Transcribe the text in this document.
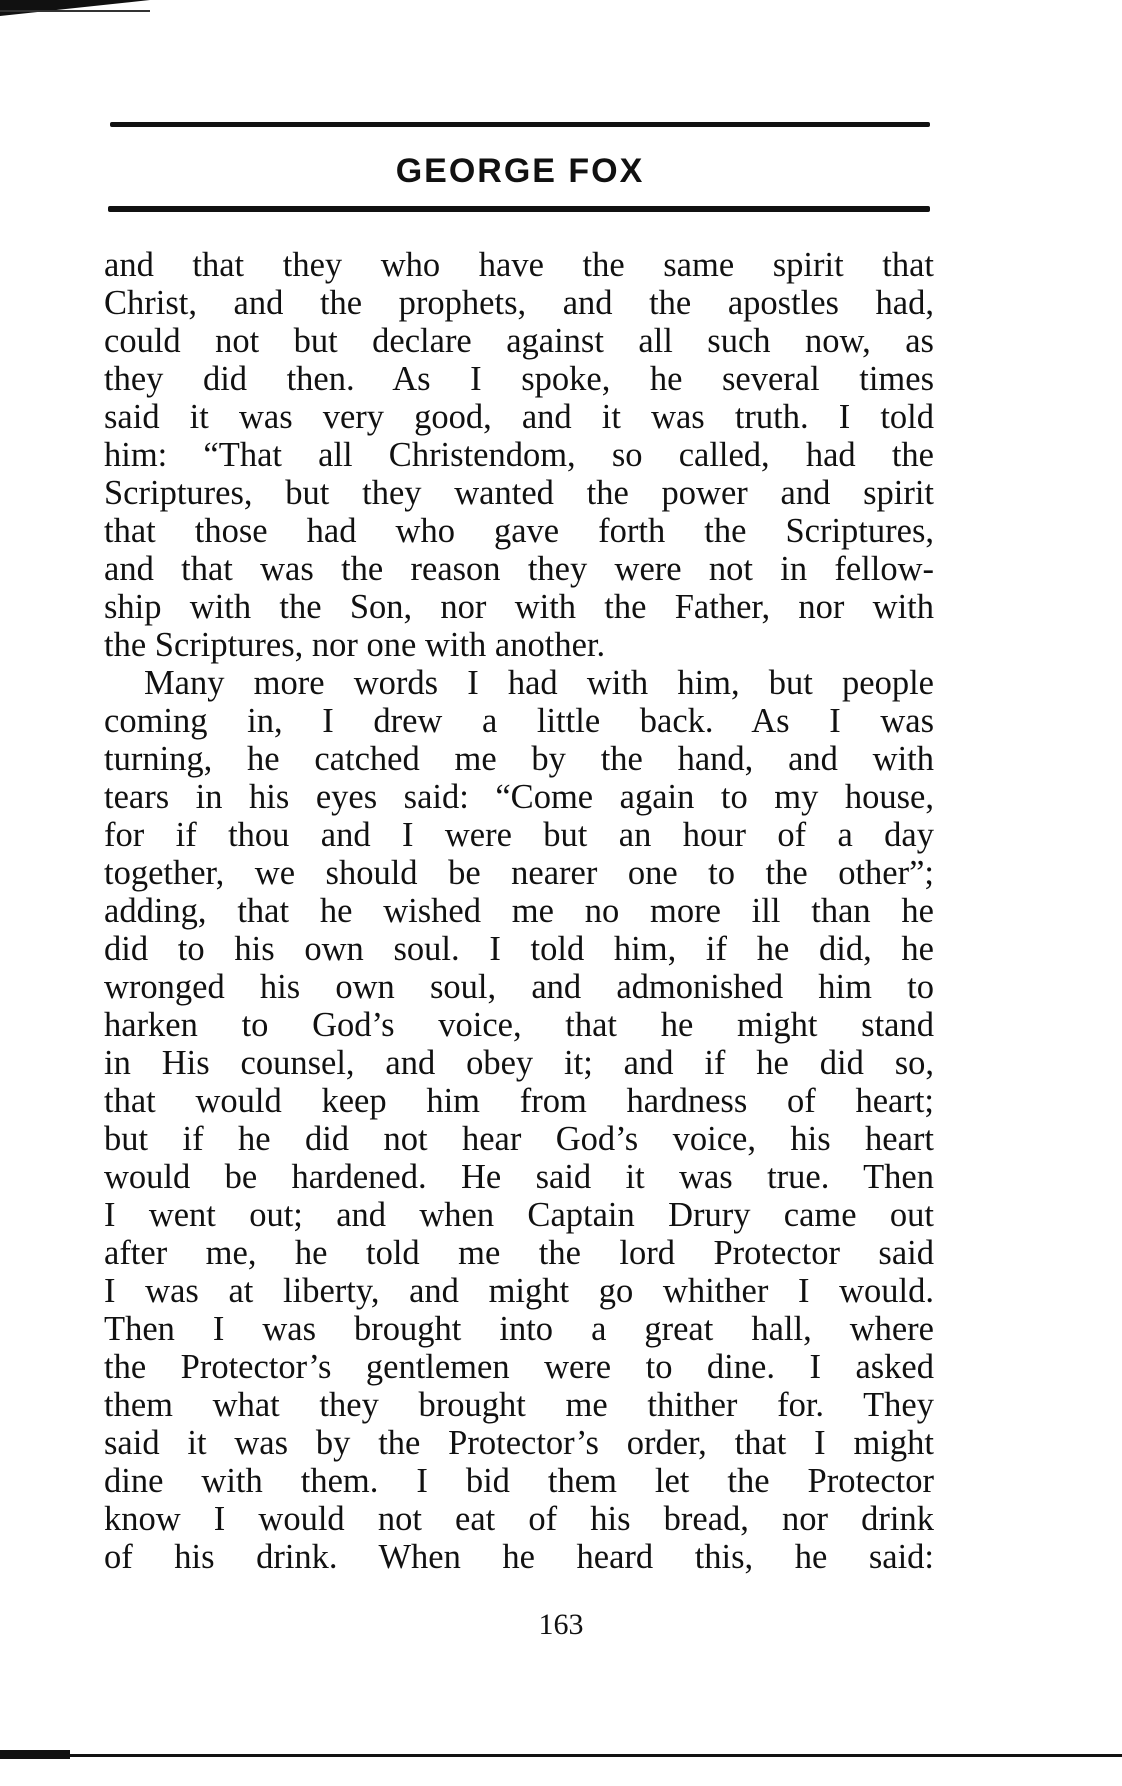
GEORGE FOX
and that they who have the same spirit that
Christ, and the prophets, and the apostles had,
could not but declare against all such now, as
they did then. As I spoke, he several times
said it was very good, and it was truth. I told
him: “That all Christendom, so called, had the
Scriptures, but they wanted the power and spirit
that those had who gave forth the Scriptures,
and that was the reason they were not in fellow-
ship with the Son, nor with the Father, nor with
the Scriptures, nor one with another.
Many more words I had with him, but people
coming in, I drew a little back. As I was
turning, he catched me by the hand, and with
tears in his eyes said: “Come again to my house,
for if thou and I were but an hour of a day
together, we should be nearer one to the other”;
adding, that he wished me no more ill than he
did to his own soul. I told him, if he did, he
wronged his own soul, and admonished him to
harken to God’s voice, that he might stand
in His counsel, and obey it; and if he did so,
that would keep him from hardness of heart;
but if he did not hear God’s voice, his heart
would be hardened. He said it was true. Then
I went out; and when Captain Drury came out
after me, he told me the lord Protector said
I was at liberty, and might go whither I would.
Then I was brought into a great hall, where
the Protector’s gentlemen were to dine. I asked
them what they brought me thither for. They
said it was by the Protector’s order, that I might
dine with them. I bid them let the Protector
know I would not eat of his bread, nor drink
of his drink. When he heard this, he said:
163
